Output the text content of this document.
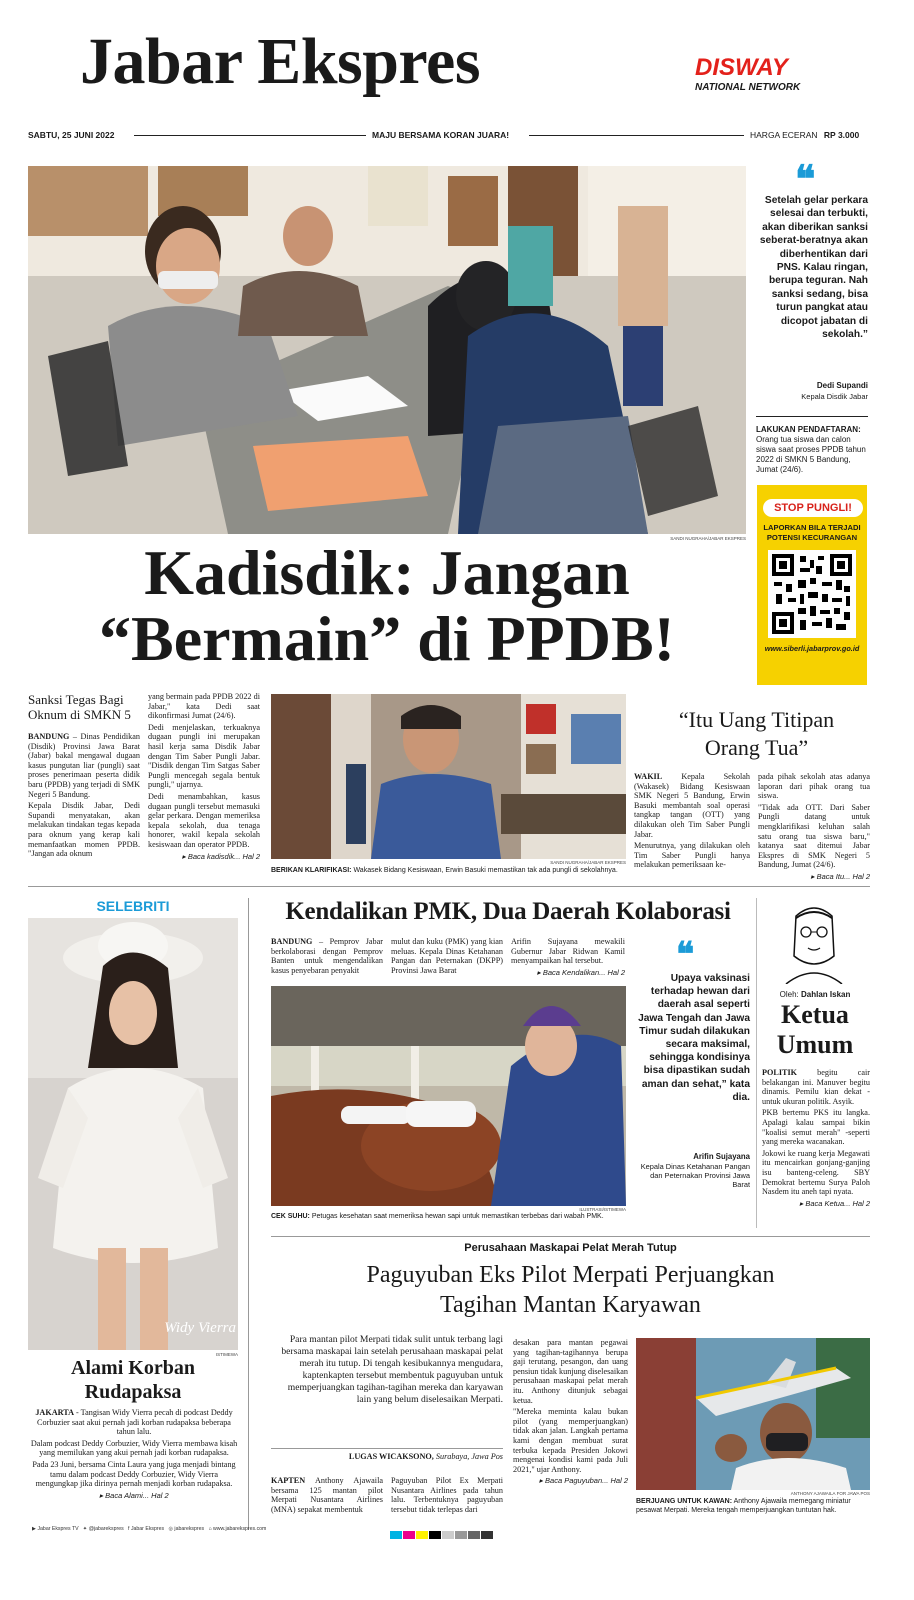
Jabar Ekspres	DISWAY
NATIONAL NETWORK
SABTU, 25 JUNI 2022	MAJU BERSAMA KORAN JUARA!	HARGA ECERAN RP 3.000
SANDI NUGRAHA/JABAR EKSPRES
❝
Setelah gelar perkara selesai dan terbukti, akan diberikan sanksi seberat-beratnya akan diberhentikan dari PNS. Kalau ringan, berupa teguran. Nah sanksi sedang, bisa turun pangkat atau dicopot jabatan di sekolah.”
Dedi Supandi
Kepala Disdik Jabar
LAKUKAN PENDAFTARAN:
Orang tua siswa dan calon siswa saat proses PPDB tahun 2022 di SMKN 5 Bandung, Jumat (24/6).
STOP PUNGLI!
LAPORKAN BILA TERJADI POTENSI KECURANGAN
www.siberli.jabarprov.go.id
Kadisdik: Jangan
“Bermain” di PPDB!
Sanksi Tegas Bagi
Oknum di SMKN 5

BANDUNG – Dinas Pendidikan (Disdik) Provinsi Jawa Barat (Jabar) bakal mengawal dugaan kasus pungutan liar (pungli) saat proses penerimaan peserta didik baru (PPDB) yang terjadi di SMK Negeri 5 Bandung.

Kepala Disdik Jabar, Dedi Supandi menyatakan, akan melakukan tindakan tegas kepada para oknum yang kerap kali memanfaatkan momen PPDB. "Jangan ada oknum

yang bermain pada PPDB 2022 di Jabar," kata Dedi saat dikonfirmasi Jumat (24/6).

Dedi menjelaskan, terkuaknya dugaan pungli ini merupakan hasil kerja sama Disdik Jabar dengan Tim Saber Pungli Jabar. "Disdik dengan Tim Satgas Saber Pungli mencegah segala bentuk pungli," ujarnya.

Dedi menambahkan, kasus dugaan pungli tersebut memasuki gelar perkara. Dengan memeriksa kepala sekolah, dua tenaga honorer, wakil kepala sekolah kesiswaan dan operator PPDB.

▸ Baca kadisdik... Hal 2
SANDI NUGRAHA/JABAR EKSPRES
BERIKAN KLARIFIKASI: Wakasek Bidang Kesiswaan, Erwin Basuki memastikan tak ada pungli di sekolahnya.
“Itu Uang Titipan
Orang Tua”

WAKIL Kepala Sekolah (Wakasek) Bidang Kesiswaan SMK Negeri 5 Bandung, Erwin Basuki membantah soal operasi tangkap tangan (OTT) yang dilakukan oleh Tim Saber Pungli Jabar.

Menurutnya, yang dilakukan oleh Tim Saber Pungli hanya melakukan pemeriksaan ke-

pada pihak sekolah atas adanya laporan dari pihak orang tua siswa.

"Tidak ada OTT. Dari Saber Pungli datang untuk mengklarifikasi keluhan salah satu orang tua siswa baru," katanya saat ditemui Jabar Ekspres di SMK Negeri 5 Bandung, Jumat (24/6).

▸ Baca Itu... Hal 2
SELEBRITI
Widy Vierra
ISTIMEWA
Alami Korban
Rudapaksa

JAKARTA - Tangisan Widy Vierra pecah di podcast Deddy Corbuzier saat akui pernah jadi korban rudapaksa beberapa tahun lalu.

Dalam podcast Deddy Corbuzier, Widy Vierra membawa kisah yang memilukan yang akui pernah jadi korban rudapaksa.

Pada 23 Juni, bersama Cinta Laura yang juga menjadi bintang tamu dalam podcast Deddy Corbuzier, Widy Vierra mengungkap jika dirinya pernah menjadi korban rudapaksa.

▸ Baca Alami... Hal 2
Kendalikan PMK, Dua Daerah Kolaborasi

BANDUNG – Pemprov Jabar berkolaborasi dengan Pemprov Banten untuk mengendalikan kasus penyebaran penyakit

mulut dan kuku (PMK) yang kian meluas. Kepala Dinas Ketahanan Pangan dan Peternakan (DKPP) Provinsi Jawa Barat

Arifin Sujayana mewakili Gubernur Jabar Ridwan Kamil menyampaikan hal tersebut.

▸ Baca Kendalikan... Hal 2
ILUSTRASI/ISTIMEWA
CEK SUHU: Petugas kesehatan saat memeriksa hewan sapi untuk memastikan terbebas dari wabah PMK.
❝
Upaya vaksinasi terhadap hewan dari daerah asal seperti Jawa Tengah dan Jawa Timur sudah dilakukan secara maksimal, sehingga kondisinya bisa dipastikan sudah aman dan sehat,” kata dia.
Arifin Sujayana
Kepala Dinas Ketahanan Pangan dan Peternakan Provinsi Jawa Barat
Oleh: Dahlan Iskan
Ketua
Umum

POLITIK begitu cair belakangan ini. Manuver begitu dinamis. Pemilu kian dekat -untuk ukuran politik. Asyik.

PKB bertemu PKS itu langka. Apalagi kalau sampai bikin "koalisi semut merah" -seperti yang mereka wacanakan.

Jokowi ke ruang kerja Megawati itu mencairkan gonjang-ganjing isu banteng-celeng. SBY Demokrat bertemu Surya Paloh Nasdem itu aneh tapi nyata.

▸ Baca Ketua... Hal 2
Perusahaan Maskapai Pelat Merah Tutup
Paguyuban Eks Pilot Merpati Perjuangkan
Tagihan Mantan Karyawan
Para mantan pilot Merpati tidak sulit untuk terbang lagi bersama maskapai lain setelah perusahaan maskapai pelat merah itu tutup. Di tengah kesibukannya mengudara, kaptenkapten tersebut membentuk paguyuban untuk memperjuangkan tagihan-tagihan mereka dan karyawan lain yang belum diselesaikan Merpati.
LUGAS WICAKSONO, Surabaya, Jawa Pos

KAPTEN Anthony Ajawaila bersama 125 mantan pilot Merpati Nusantara Airlines (MNA) sepakat membentuk

Paguyuban Pilot Ex Merpati Nusantara Airlines pada tahun lalu. Terbentuknya paguyuban tersebut tidak terlepas dari

desakan para mantan pegawai yang tagihan-tagihannya berupa gaji terutang, pesangon, dan uang pensiun tidak kunjung diselesaikan perusahaan maskapai pelat merah itu. Anthony ditunjuk sebagai ketua.

"Mereka meminta kalau bukan pilot (yang memperjuangkan) tidak akan jalan. Langkah pertama kami dengan membuat surat terbuka kepada Presiden Jokowi mengenai kondisi kami pada Juli 2021," ujar Anthony.

▸ Baca Paguyuban... Hal 2
ANTHONY AJAWAILA FOR JAWA POS
BERJUANG UNTUK KAWAN: Anthony Ajawaila memegang miniatur pesawat Merpati. Mereka tengah memperjuangkan tuntutan hak.
▶ Jabar Ekspres TV ✦ @jabarekspres f Jabar Ekspres ◎ jabarekspres ⌂ www.jabarekspres.com
